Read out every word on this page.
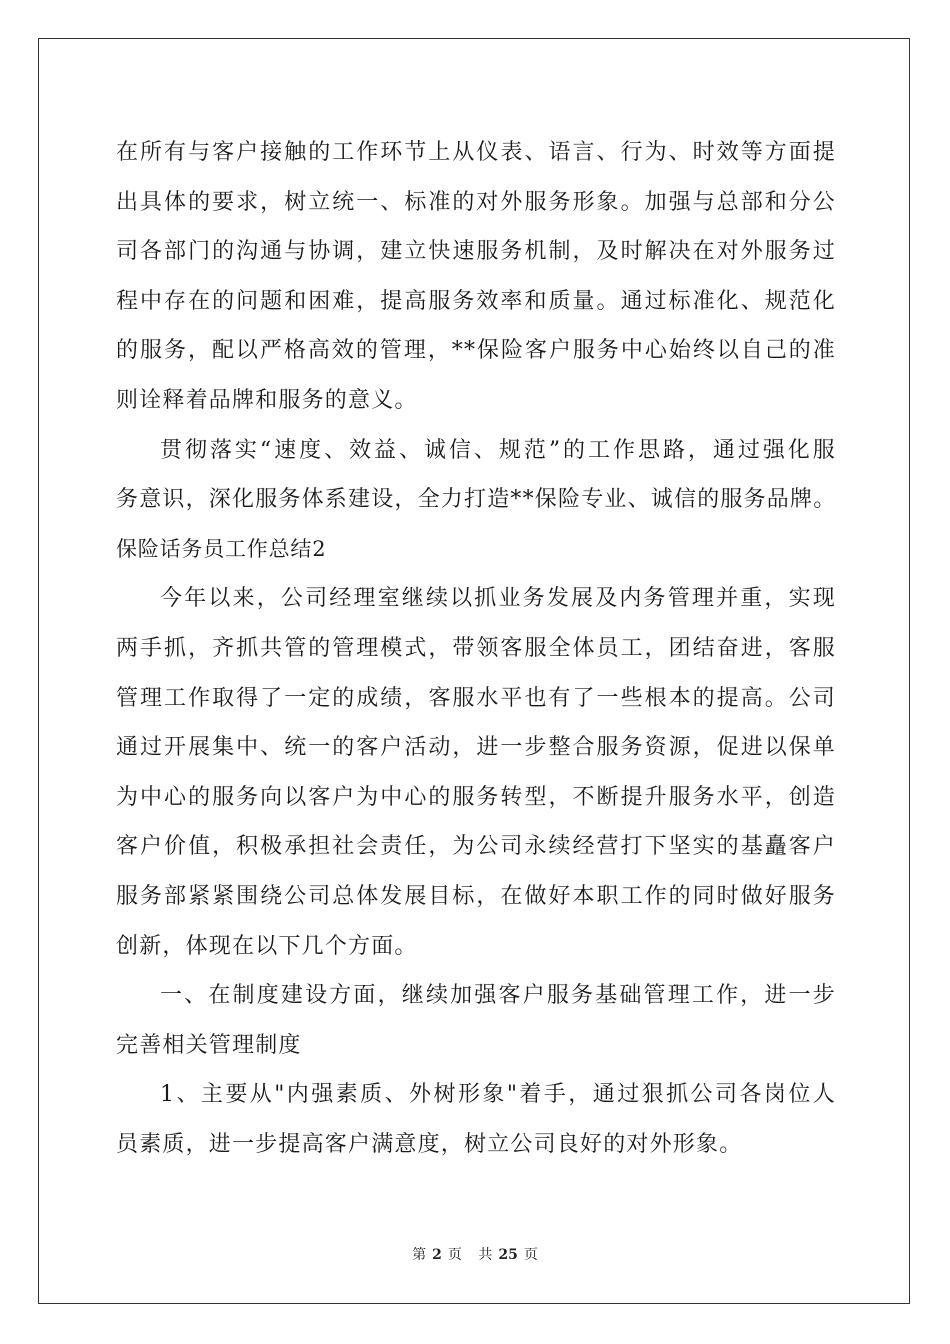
在所有与客户接触的工作环节上从仪表、语言、行为、时效等方面提
出具体的要求，树立统一、标准的对外服务形象。加强与总部和分公
司各部门的沟通与协调，建立快速服务机制，及时解决在对外服务过
程中存在的问题和困难，提高服务效率和质量。通过标准化、规范化
的服务，配以严格高效的管理，**保险客户服务中心始终以自己的准
则诠释着品牌和服务的意义。
贯彻落实“速度、效益、诚信、规范”的工作思路，通过强化服
务意识，深化服务体系建设，全力打造**保险专业、诚信的服务品牌。
保险话务员工作总结2
今年以来，公司经理室继续以抓业务发展及内务管理并重，实现
两手抓，齐抓共管的管理模式，带领客服全体员工，团结奋进，客服
管理工作取得了一定的成绩，客服水平也有了一些根本的提高。公司
通过开展集中、统一的客户活动，进一步整合服务资源，促进以保单
为中心的服务向以客户为中心的服务转型，不断提升服务水平，创造
客户价值，积极承担社会责任，为公司永续经营打下坚实的基矗客户
服务部紧紧围绕公司总体发展目标，在做好本职工作的同时做好服务
创新，体现在以下几个方面。
一、在制度建设方面，继续加强客户服务基础管理工作，进一步
完善相关管理制度
1、主要从"内强素质、外树形象"着手，通过狠抓公司各岗位人
员素质，进一步提高客户满意度，树立公司良好的对外形象。
第 2 页 共 25 页
